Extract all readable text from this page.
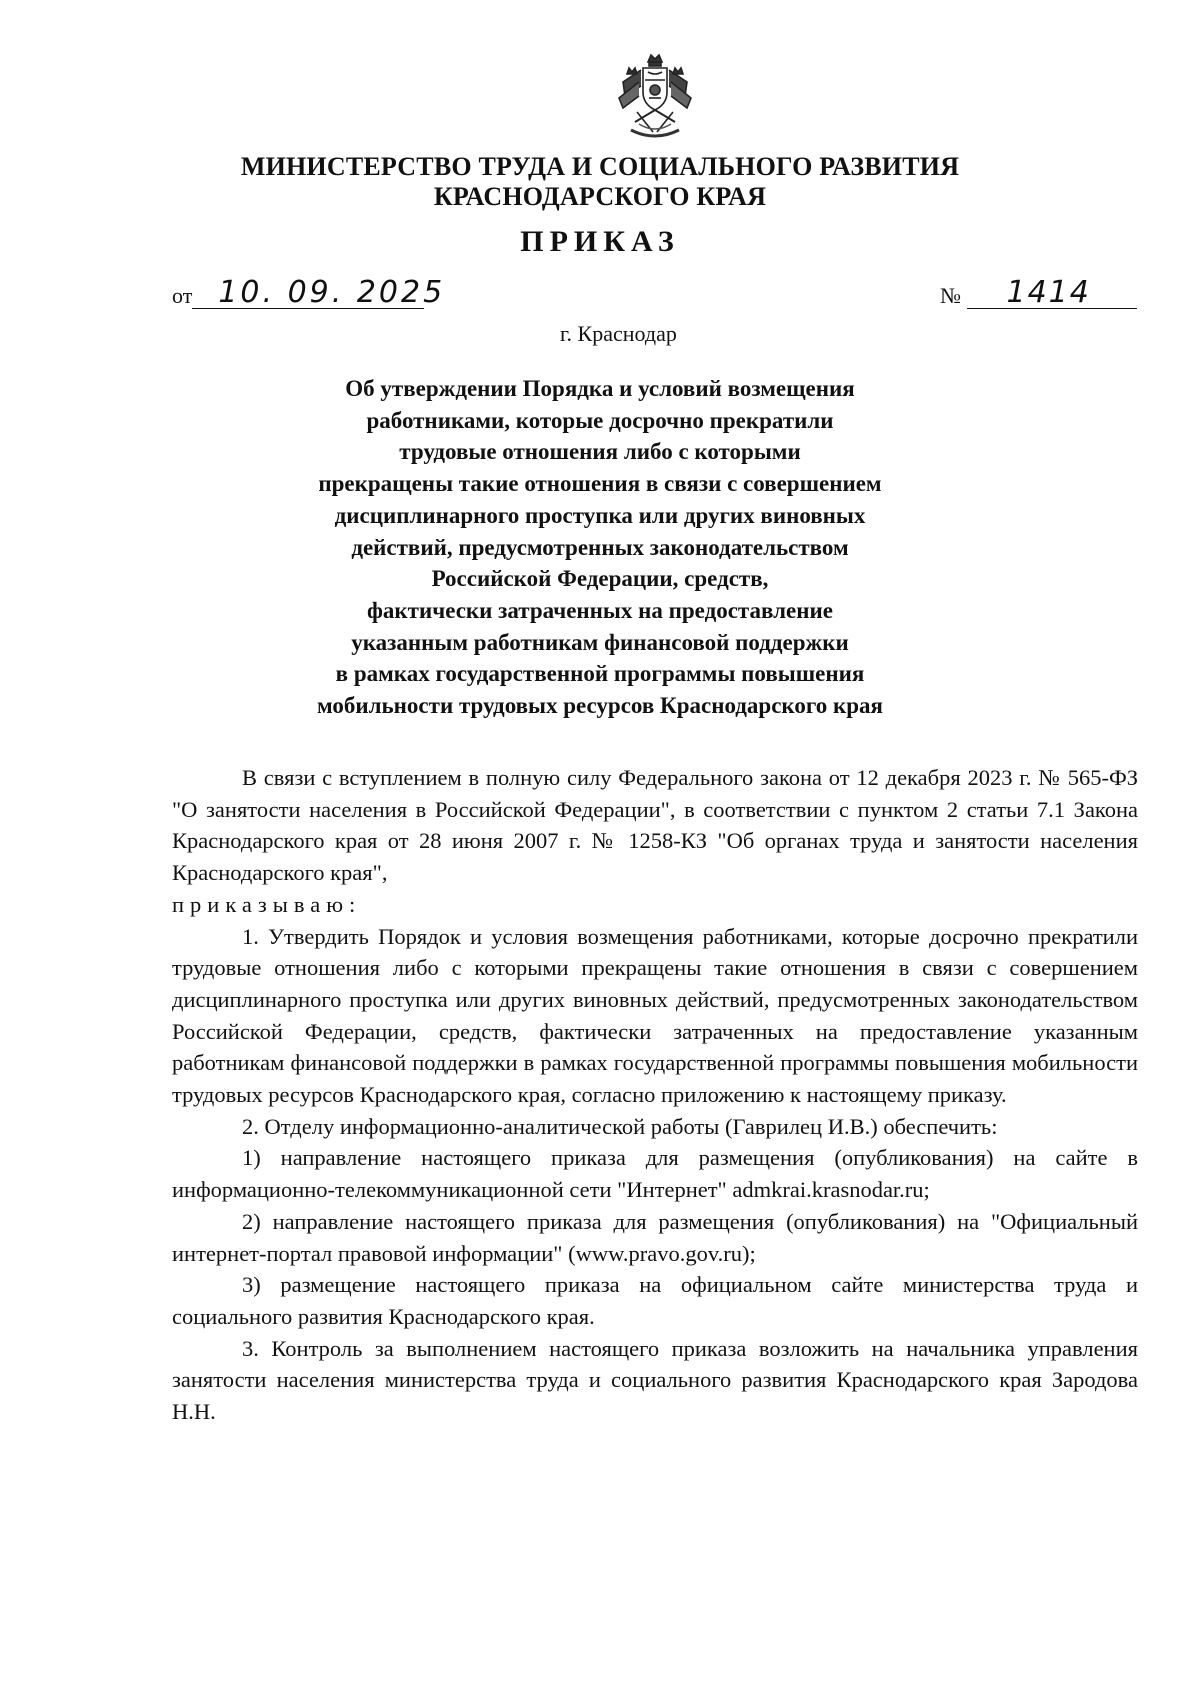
МИНИСТЕРСТВО ТРУДА И СОЦИАЛЬНОГО РАЗВИТИЯ
КРАСНОДАРСКОГО КРАЯ
ПРИКАЗ
от 10. 09. 2025	№ 1414
г. Краснодар
Об утверждении Порядка и условий возмещения
работниками, которые досрочно прекратили
трудовые отношения либо с которыми
прекращены такие отношения в связи с совершением
дисциплинарного проступка или других виновных
действий, предусмотренных законодательством
Российской Федерации, средств,
фактически затраченных на предоставление
указанным работникам финансовой поддержки
в рамках государственной программы повышения
мобильности трудовых ресурсов Краснодарского края

В связи с вступлением в полную силу Федерального закона от 12 декабря 2023 г. № 565-ФЗ "О занятости населения в Российской Федерации", в соответствии с пунктом 2 статьи 7.1 Закона Краснодарского края от 28 июня 2007 г. № 1258-КЗ "Об органах труда и занятости населения Краснодарского края",

приказываю:

1. Утвердить Порядок и условия возмещения работниками, которые досрочно прекратили трудовые отношения либо с которыми прекращены такие отношения в связи с совершением дисциплинарного проступка или других виновных действий, предусмотренных законодательством Российской Федерации, средств, фактически затраченных на предоставление указанным работникам финансовой поддержки в рамках государственной программы повышения мобильности трудовых ресурсов Краснодарского края, согласно приложению к настоящему приказу.

2. Отделу информационно-аналитической работы (Гаврилец И.В.) обеспечить:

1) направление настоящего приказа для размещения (опубликования) на сайте в информационно-телекоммуникационной сети "Интернет" admkrai.krasnodar.ru;

2) направление настоящего приказа для размещения (опубликования) на "Официальный интернет-портал правовой информации" (www.pravo.gov.ru);

3) размещение настоящего приказа на официальном сайте министерства труда и социального развития Краснодарского края.

3. Контроль за выполнением настоящего приказа возложить на начальника управления занятости населения министерства труда и социального развития Краснодарского края Зародова Н.Н.
